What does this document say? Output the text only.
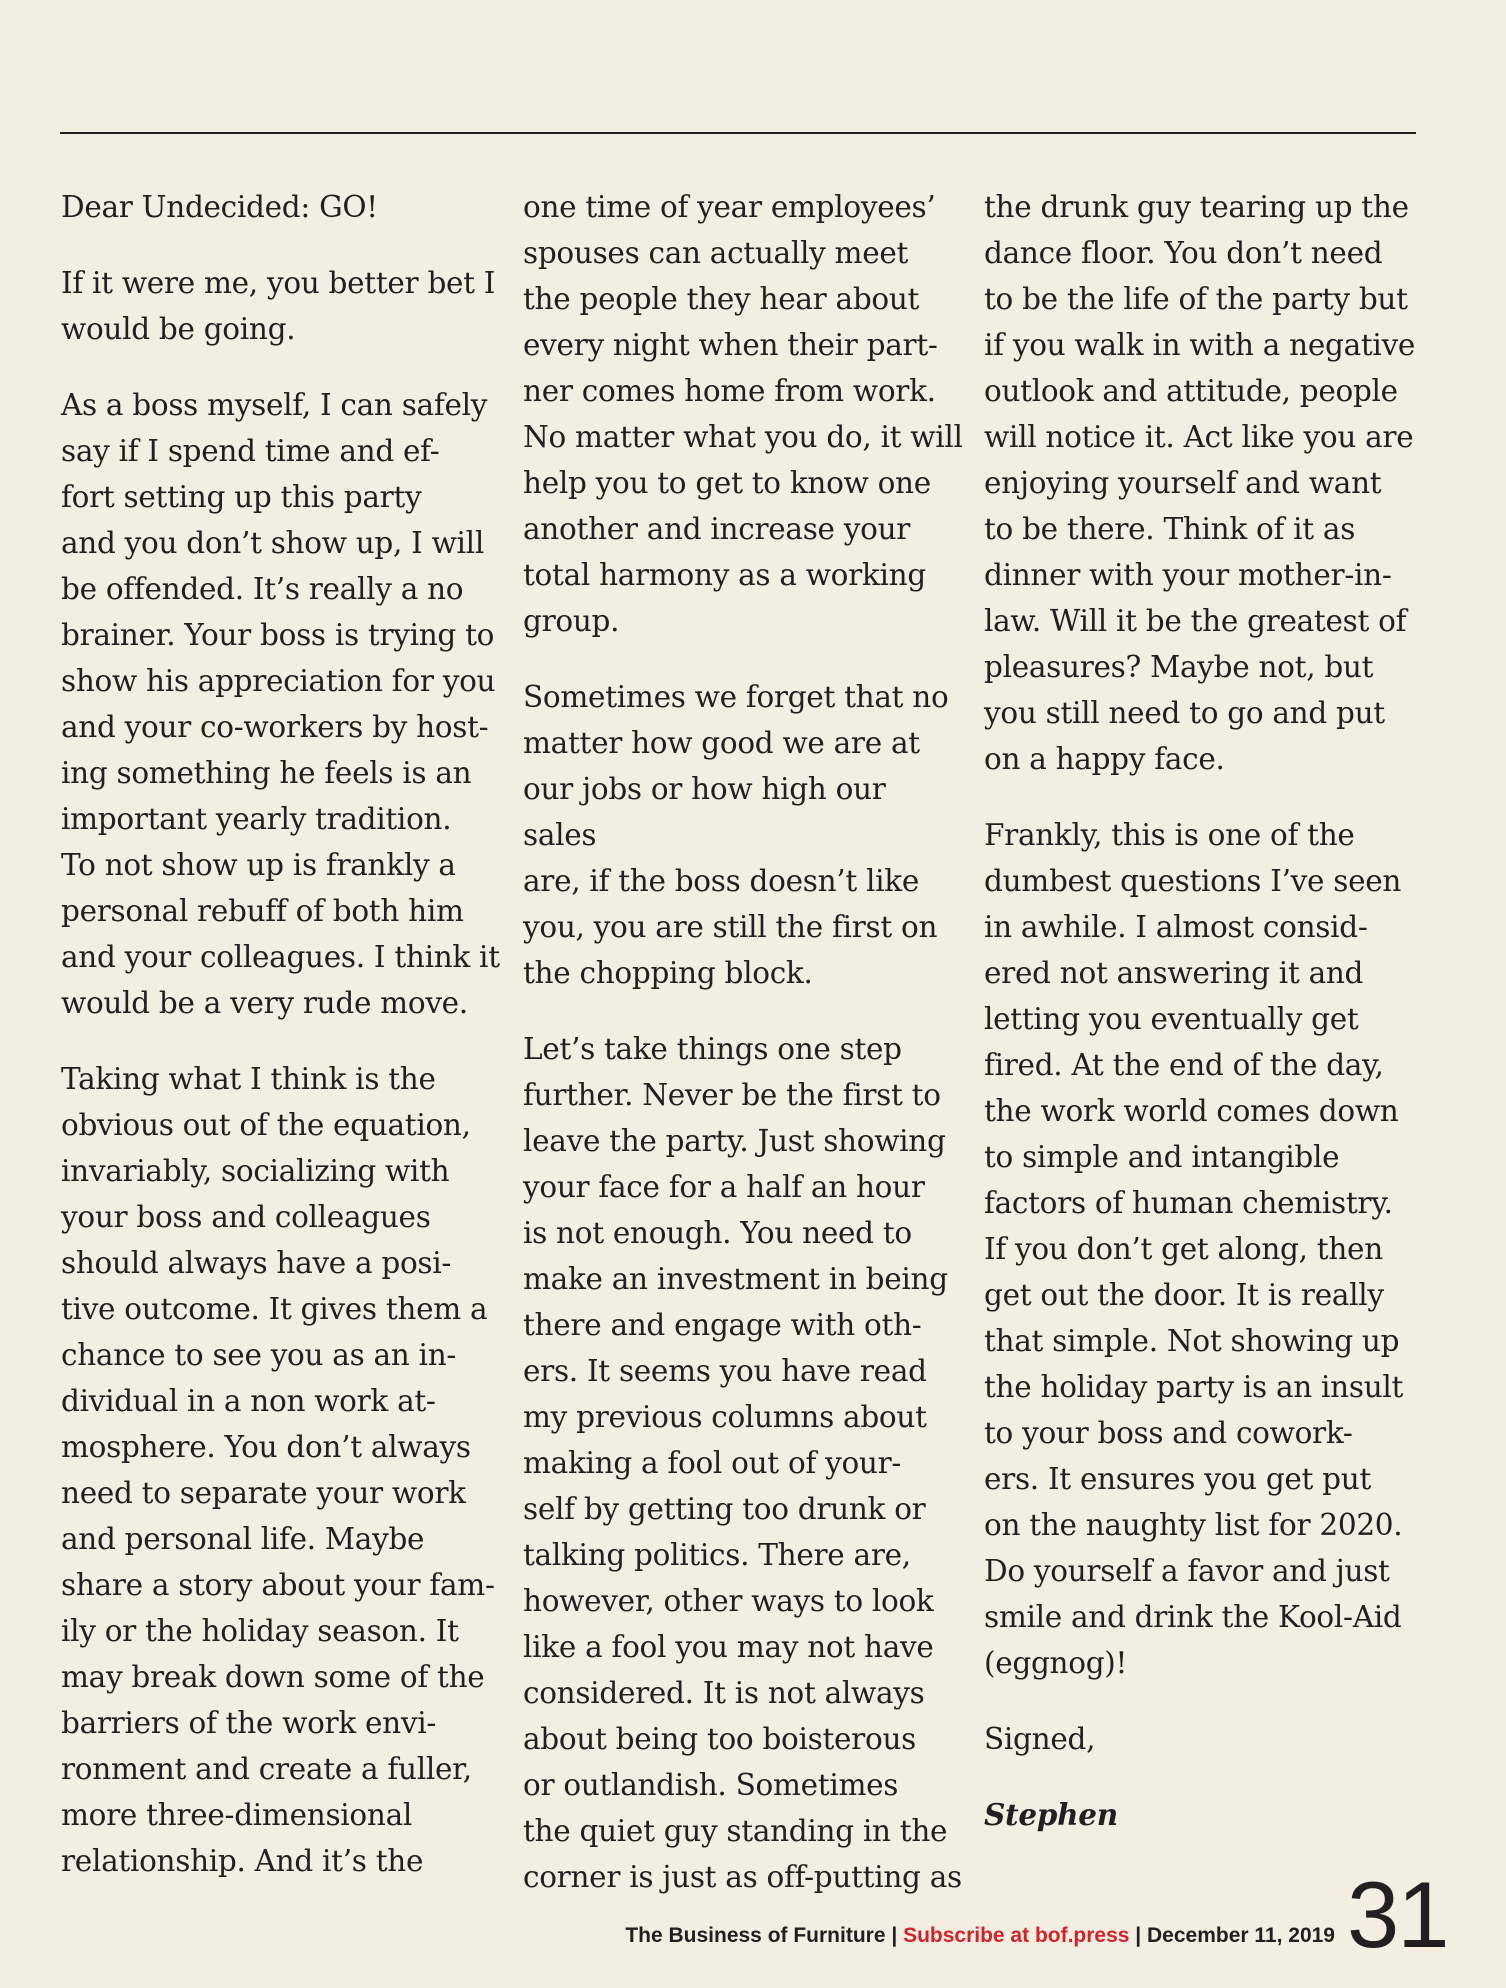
Dear Undecided: GO!

If it were me, you better bet I
would be going.

As a boss myself, I can safely
say if I spend time and ef-
fort setting up this party
and you don’t show up, I will
be offended. It’s really a no
brainer. Your boss is trying to
show his appreciation for you
and your co-workers by host-
ing something he feels is an
important yearly tradition.
To not show up is frankly a
personal rebuff of both him
and your colleagues. I think it
would be a very rude move.

Taking what I think is the
obvious out of the equation,
invariably, socializing with
your boss and colleagues
should always have a posi-
tive outcome. It gives them a
chance to see you as an in-
dividual in a non work at-
mosphere. You don’t always
need to separate your work
and personal life. Maybe
share a story about your fam-
ily or the holiday season. It
may break down some of the
barriers of the work envi-
ronment and create a fuller,
more three-dimensional
relationship. And it’s the

one time of year employees’
spouses can actually meet
the people they hear about
every night when their part-
ner comes home from work.
No matter what you do, it will
help you to get to know one
another and increase your
total harmony as a working
group.

Sometimes we forget that no
matter how good we are at
our jobs or how high our sales
are, if the boss doesn’t like
you, you are still the first on
the chopping block.

Let’s take things one step
further. Never be the first to
leave the party. Just showing
your face for a half an hour
is not enough. You need to
make an investment in being
there and engage with oth-
ers. It seems you have read
my previous columns about
making a fool out of your-
self by getting too drunk or
talking politics. There are,
however, other ways to look
like a fool you may not have
considered. It is not always
about being too boisterous
or outlandish. Sometimes
the quiet guy standing in the
corner is just as off-putting as

the drunk guy tearing up the
dance floor. You don’t need
to be the life of the party but
if you walk in with a negative
outlook and attitude, people
will notice it. Act like you are
enjoying yourself and want
to be there. Think of it as
dinner with your mother-in-
law. Will it be the greatest of
pleasures? Maybe not, but
you still need to go and put
on a happy face.

Frankly, this is one of the
dumbest questions I’ve seen
in awhile. I almost consid-
ered not answering it and
letting you eventually get
fired. At the end of the day,
the work world comes down
to simple and intangible
factors of human chemistry.
If you don’t get along, then
get out the door. It is really
that simple. Not showing up
the holiday party is an insult
to your boss and cowork-
ers. It ensures you get put
on the naughty list for 2020.
Do yourself a favor and just
smile and drink the Kool-Aid
(eggnog)!

Signed,

Stephen

The Business of Furniture | Subscribe at bof.press | December 11, 2019 31
